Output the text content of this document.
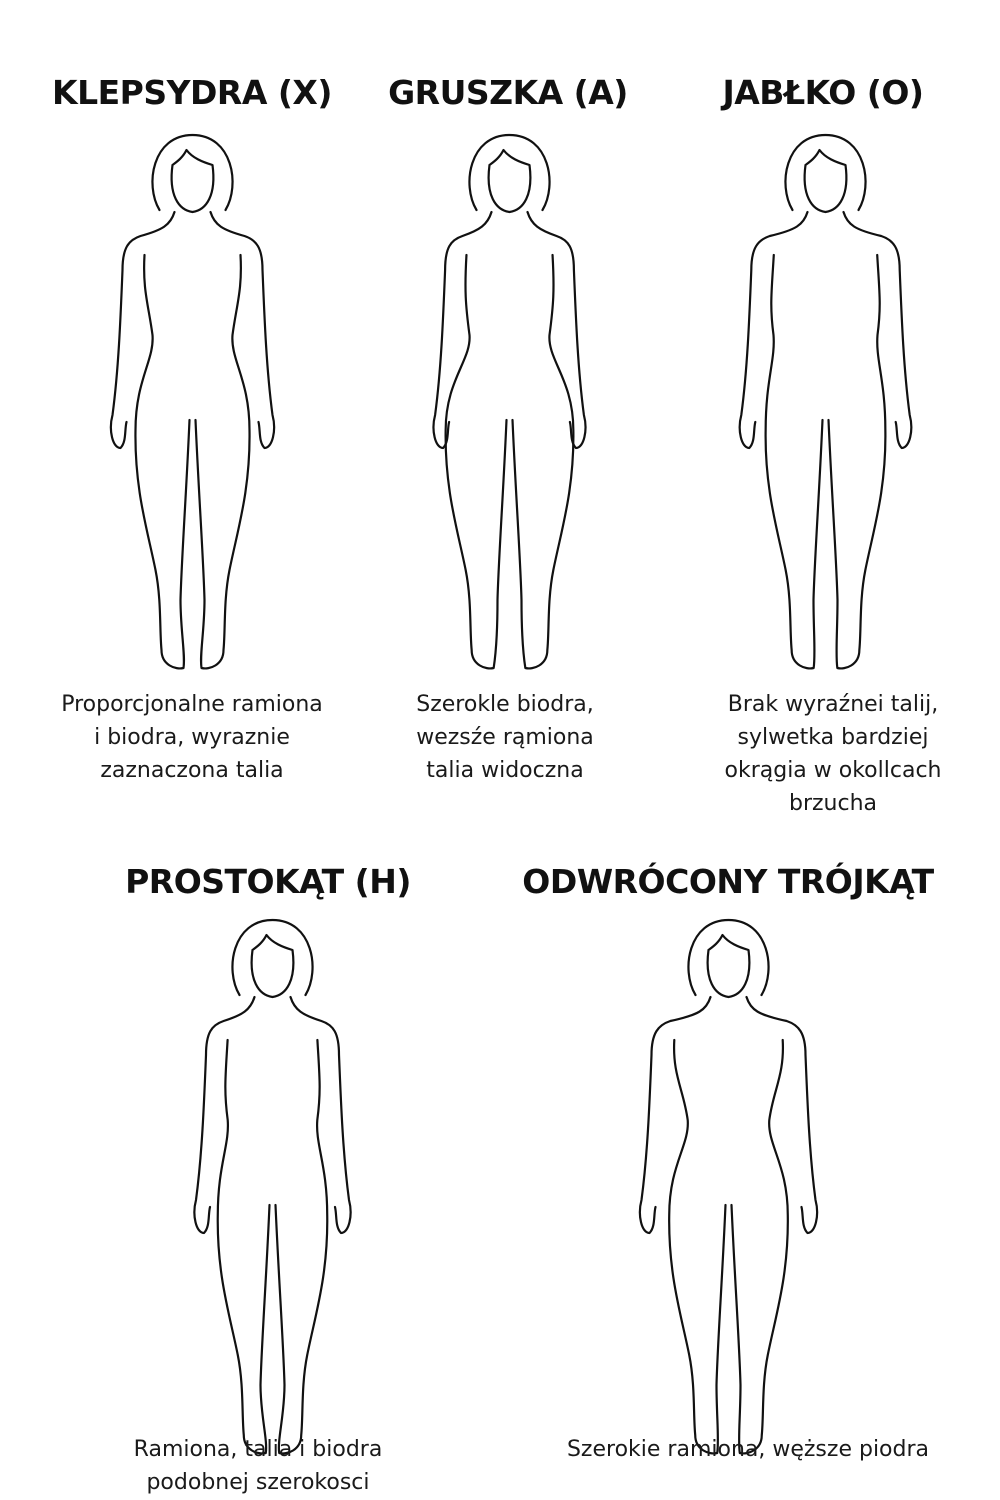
KLEPSYDRA (X)	GRUSZKA (A)	JABŁKO (O)
PROSTOKĄT (H)	ODWRÓCONY TRÓJKĄT
Proporcjonalne ramiona
i biodra, wyraznie
zaznaczona talia
Szerokle biodra,
wezsźe rąmiona
talia widoczna
Brak wyraźnei talij,
sylwetka bardziej
okrągia w okollcach
brzucha
Ramiona, talia i biodra
podobnej szerokosci
Szerokie ramiona, węższe piodra
